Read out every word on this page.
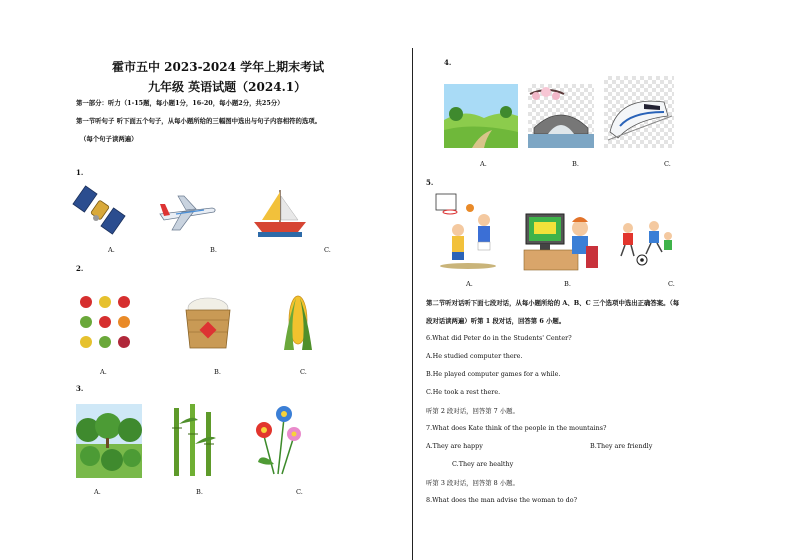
霍市五中 2023-2024 学年上期末考试
九年级 英语试题（2024.1）
第一部分：听力（1-15题，每小题1分，16-20，每小题2分，共25分）
第一节听句子 听下面五个句子，从每小题所给的三幅图中选出与句子内容相符的选项。
（每个句子读两遍）
1.
A.	B.	C.
2.
A.	B.	C.
3.
A.	B.	C.
4.
A.	B.	C.
5.
A.	B.	C.
第二节听对话听下面七段对话，从每小题所给的 A、B、C 三个选项中选出正确答案。（每
段对话读两遍）听第 1 段对话，回答第 6 小题。
6.What did Peter do in the Students' Center?
A.He studied computer there.
B.He played computer games for a while.
C.He took a rest there.
听第 2 段对话，回答第 7 小题。
7.What does Kate think of the people in the mountains?
A.They are happy	B.They are friendly
C.They are healthy
听第 3 段对话，回答第 8 小题。
8.What does the man advise the woman to do?
